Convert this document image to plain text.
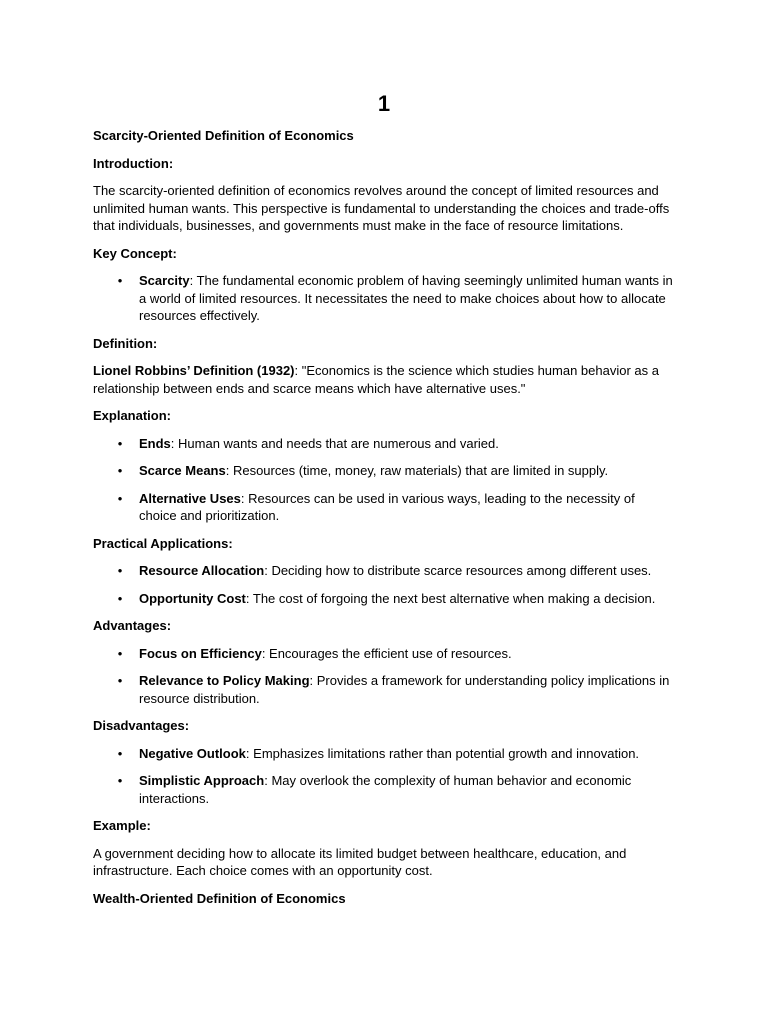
1

Scarcity-Oriented Definition of Economics

Introduction:

The scarcity-oriented definition of economics revolves around the concept of limited resources and unlimited human wants. This perspective is fundamental to understanding the choices and trade-offs that individuals, businesses, and governments must make in the face of resource limitations.

Key Concept:

• Scarcity: The fundamental economic problem of having seemingly unlimited human wants in a world of limited resources. It necessitates the need to make choices about how to allocate resources effectively.

Definition:

Lionel Robbins’ Definition (1932): "Economics is the science which studies human behavior as a relationship between ends and scarce means which have alternative uses."

Explanation:

• Ends: Human wants and needs that are numerous and varied.
• Scarce Means: Resources (time, money, raw materials) that are limited in supply.
• Alternative Uses: Resources can be used in various ways, leading to the necessity of choice and prioritization.

Practical Applications:

• Resource Allocation: Deciding how to distribute scarce resources among different uses.
• Opportunity Cost: The cost of forgoing the next best alternative when making a decision.

Advantages:

• Focus on Efficiency: Encourages the efficient use of resources.
• Relevance to Policy Making: Provides a framework for understanding policy implications in resource distribution.

Disadvantages:

• Negative Outlook: Emphasizes limitations rather than potential growth and innovation.
• Simplistic Approach: May overlook the complexity of human behavior and economic interactions.

Example:

A government deciding how to allocate its limited budget between healthcare, education, and infrastructure. Each choice comes with an opportunity cost.

Wealth-Oriented Definition of Economics
